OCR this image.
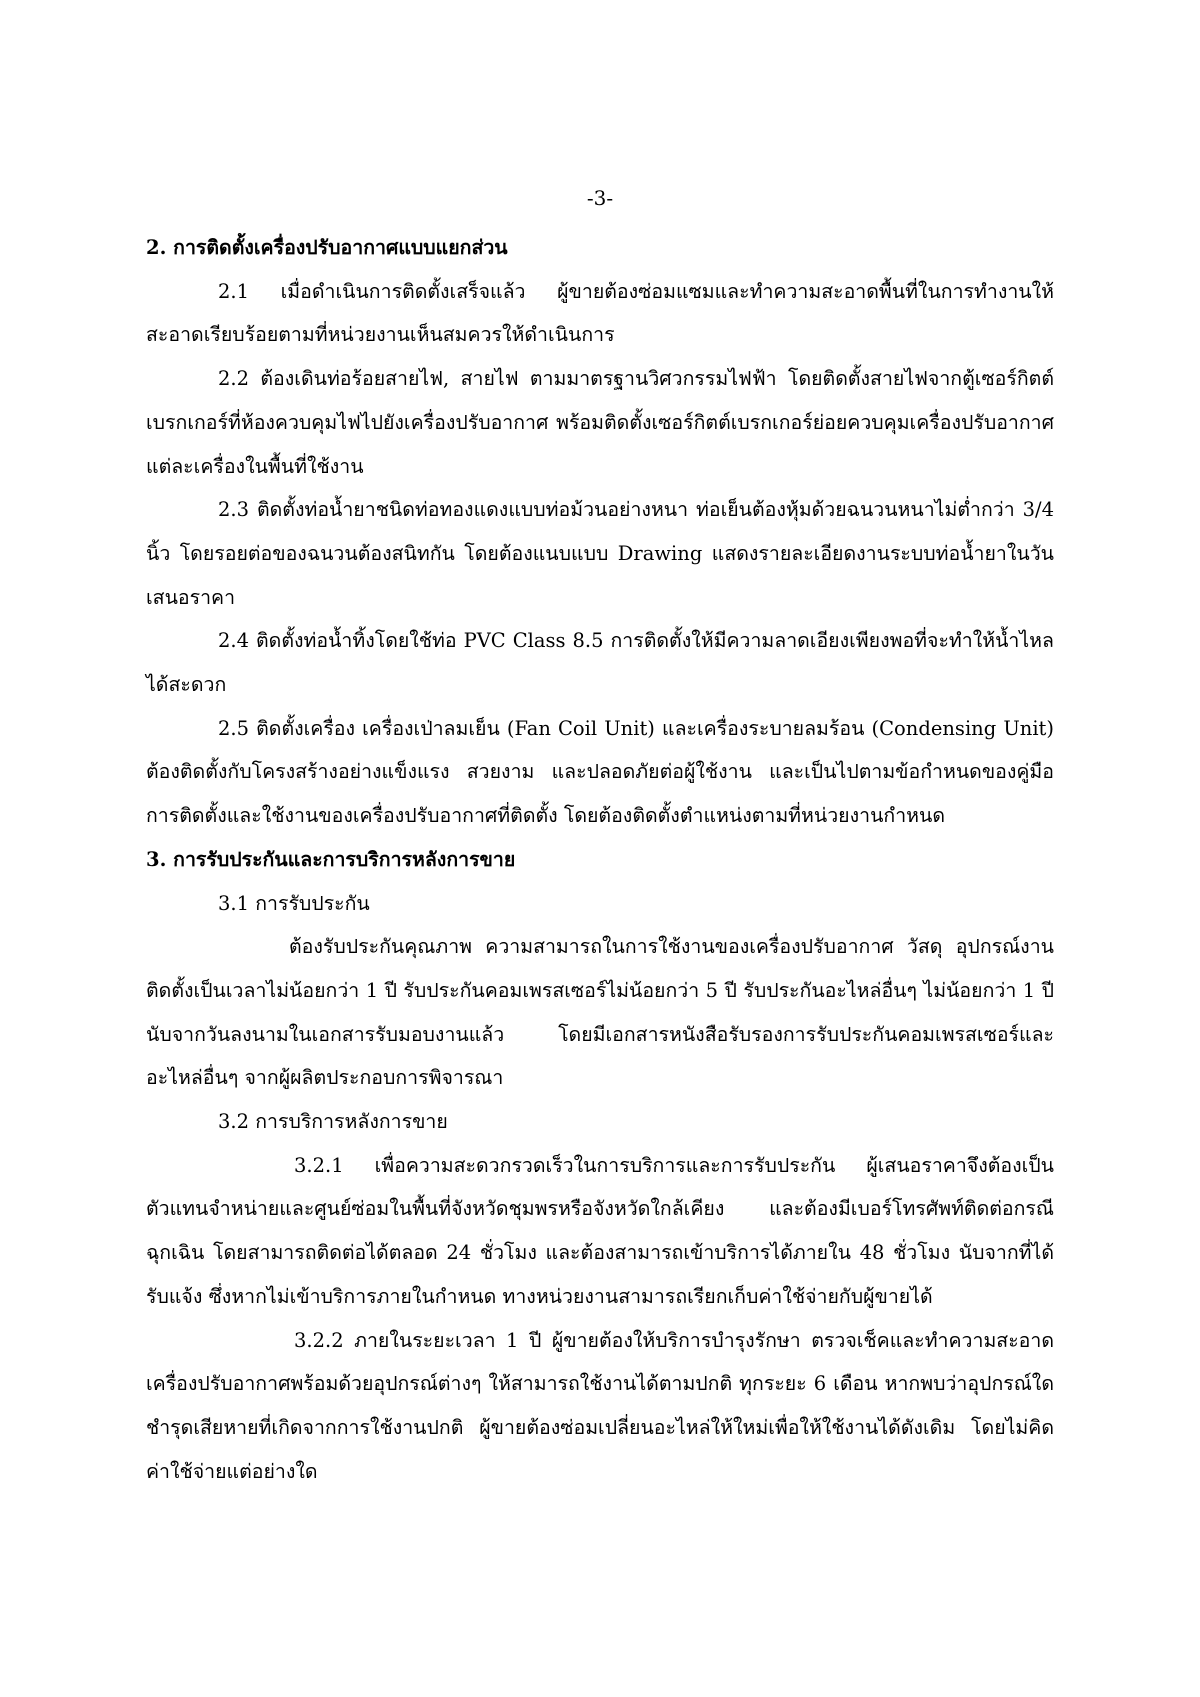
-3-

2. การติดตั้งเครื่องปรับอากาศแบบแยกส่วน

2.1 เมื่อดำเนินการติดตั้งเสร็จแล้ว ผู้ขายต้องซ่อมแซมและทำความสะอาดพื้นที่ในการทำงานให้สะอาดเรียบร้อยตามที่หน่วยงานเห็นสมควรให้ดำเนินการ

2.2 ต้องเดินท่อร้อยสายไฟ, สายไฟ ตามมาตรฐานวิศวกรรมไฟฟ้า โดยติดตั้งสายไฟจากตู้เซอร์กิตต์เบรกเกอร์ที่ห้องควบคุมไฟไปยังเครื่องปรับอากาศ พร้อมติดตั้งเซอร์กิตต์เบรกเกอร์ย่อยควบคุมเครื่องปรับอากาศแต่ละเครื่องในพื้นที่ใช้งาน

2.3 ติดตั้งท่อน้ำยาชนิดท่อทองแดงแบบท่อม้วนอย่างหนา ท่อเย็นต้องหุ้มด้วยฉนวนหนาไม่ต่ำกว่า 3/4 นิ้ว โดยรอยต่อของฉนวนต้องสนิทกัน โดยต้องแนบแบบ Drawing แสดงรายละเอียดงานระบบท่อน้ำยาในวันเสนอราคา

2.4 ติดตั้งท่อน้ำทิ้งโดยใช้ท่อ PVC Class 8.5 การติดตั้งให้มีความลาดเอียงเพียงพอที่จะทำให้น้ำไหลได้สะดวก

2.5 ติดตั้งเครื่อง เครื่องเป่าลมเย็น (Fan Coil Unit) และเครื่องระบายลมร้อน (Condensing Unit) ต้องติดตั้งกับโครงสร้างอย่างแข็งแรง สวยงาม และปลอดภัยต่อผู้ใช้งาน และเป็นไปตามข้อกำหนดของคู่มือการติดตั้งและใช้งานของเครื่องปรับอากาศที่ติดตั้ง โดยต้องติดตั้งตำแหน่งตามที่หน่วยงานกำหนด

3. การรับประกันและการบริการหลังการขาย

3.1 การรับประกัน

ต้องรับประกันคุณภาพ ความสามารถในการใช้งานของเครื่องปรับอากาศ วัสดุ อุปกรณ์งานติดตั้งเป็นเวลาไม่น้อยกว่า 1 ปี รับประกันคอมเพรสเซอร์ไม่น้อยกว่า 5 ปี รับประกันอะไหล่อื่นๆ ไม่น้อยกว่า 1 ปี นับจากวันลงนามในเอกสารรับมอบงานแล้ว โดยมีเอกสารหนังสือรับรองการรับประกันคอมเพรสเซอร์และอะไหล่อื่นๆ จากผู้ผลิตประกอบการพิจารณา

3.2 การบริการหลังการขาย

3.2.1 เพื่อความสะดวกรวดเร็วในการบริการและการรับประกัน ผู้เสนอราคาจึงต้องเป็นตัวแทนจำหน่ายและศูนย์ซ่อมในพื้นที่จังหวัดชุมพรหรือจังหวัดใกล้เคียง และต้องมีเบอร์โทรศัพท์ติดต่อกรณีฉุกเฉิน โดยสามารถติดต่อได้ตลอด 24 ชั่วโมง และต้องสามารถเข้าบริการได้ภายใน 48 ชั่วโมง นับจากที่ได้รับแจ้ง ซึ่งหากไม่เข้าบริการภายในกำหนด ทางหน่วยงานสามารถเรียกเก็บค่าใช้จ่ายกับผู้ขายได้

3.2.2 ภายในระยะเวลา 1 ปี ผู้ขายต้องให้บริการบำรุงรักษา ตรวจเช็คและทำความสะอาดเครื่องปรับอากาศพร้อมด้วยอุปกรณ์ต่างๆ ให้สามารถใช้งานได้ตามปกติ ทุกระยะ 6 เดือน หากพบว่าอุปกรณ์ใดชำรุดเสียหายที่เกิดจากการใช้งานปกติ ผู้ขายต้องซ่อมเปลี่ยนอะไหล่ให้ใหม่เพื่อให้ใช้งานได้ดังเดิม โดยไม่คิดค่าใช้จ่ายแต่อย่างใด
